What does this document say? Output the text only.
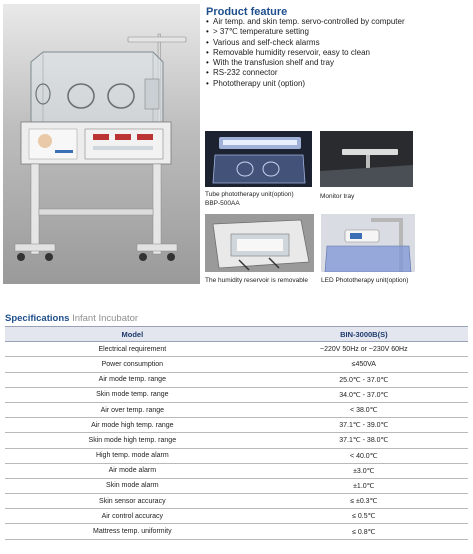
Product feature
• Air temp. and skin temp. servo-controlled by computer
• > 37℃ temperature setting
• Various and self-check alarms
• Removable humidity reservoir, easy to clean
• With the transfusion shelf and tray
• RS-232 connector
• Phototherapy unit (option)
Tube phototherapy unit(option)
BBP-500AA
Monitor tray
The humidity reservoir is removable LED Phototherapy unit(option)
Specifications Infant Incubator
Model	BIN-3000B(S)
Electrical requirement	~220V 50Hz or ~230V 60Hz
Power consumption	≤450VA
Air mode temp. range	25.0℃ - 37.0℃
Skin mode temp. range	34.0℃ - 37.0℃
Air over temp. range	< 38.0℃
Air mode high temp. range	37.1℃ - 39.0℃
Skin mode high temp. range	37.1℃ - 38.0℃
High temp. mode alarm	< 40.0℃
Air mode alarm	±3.0℃
Skin mode alarm	±1.0℃
Skin sensor accuracy	≤ ±0.3℃
Air control accuracy	≤ 0.5℃
Mattress temp. uniformity	≤ 0.8℃
